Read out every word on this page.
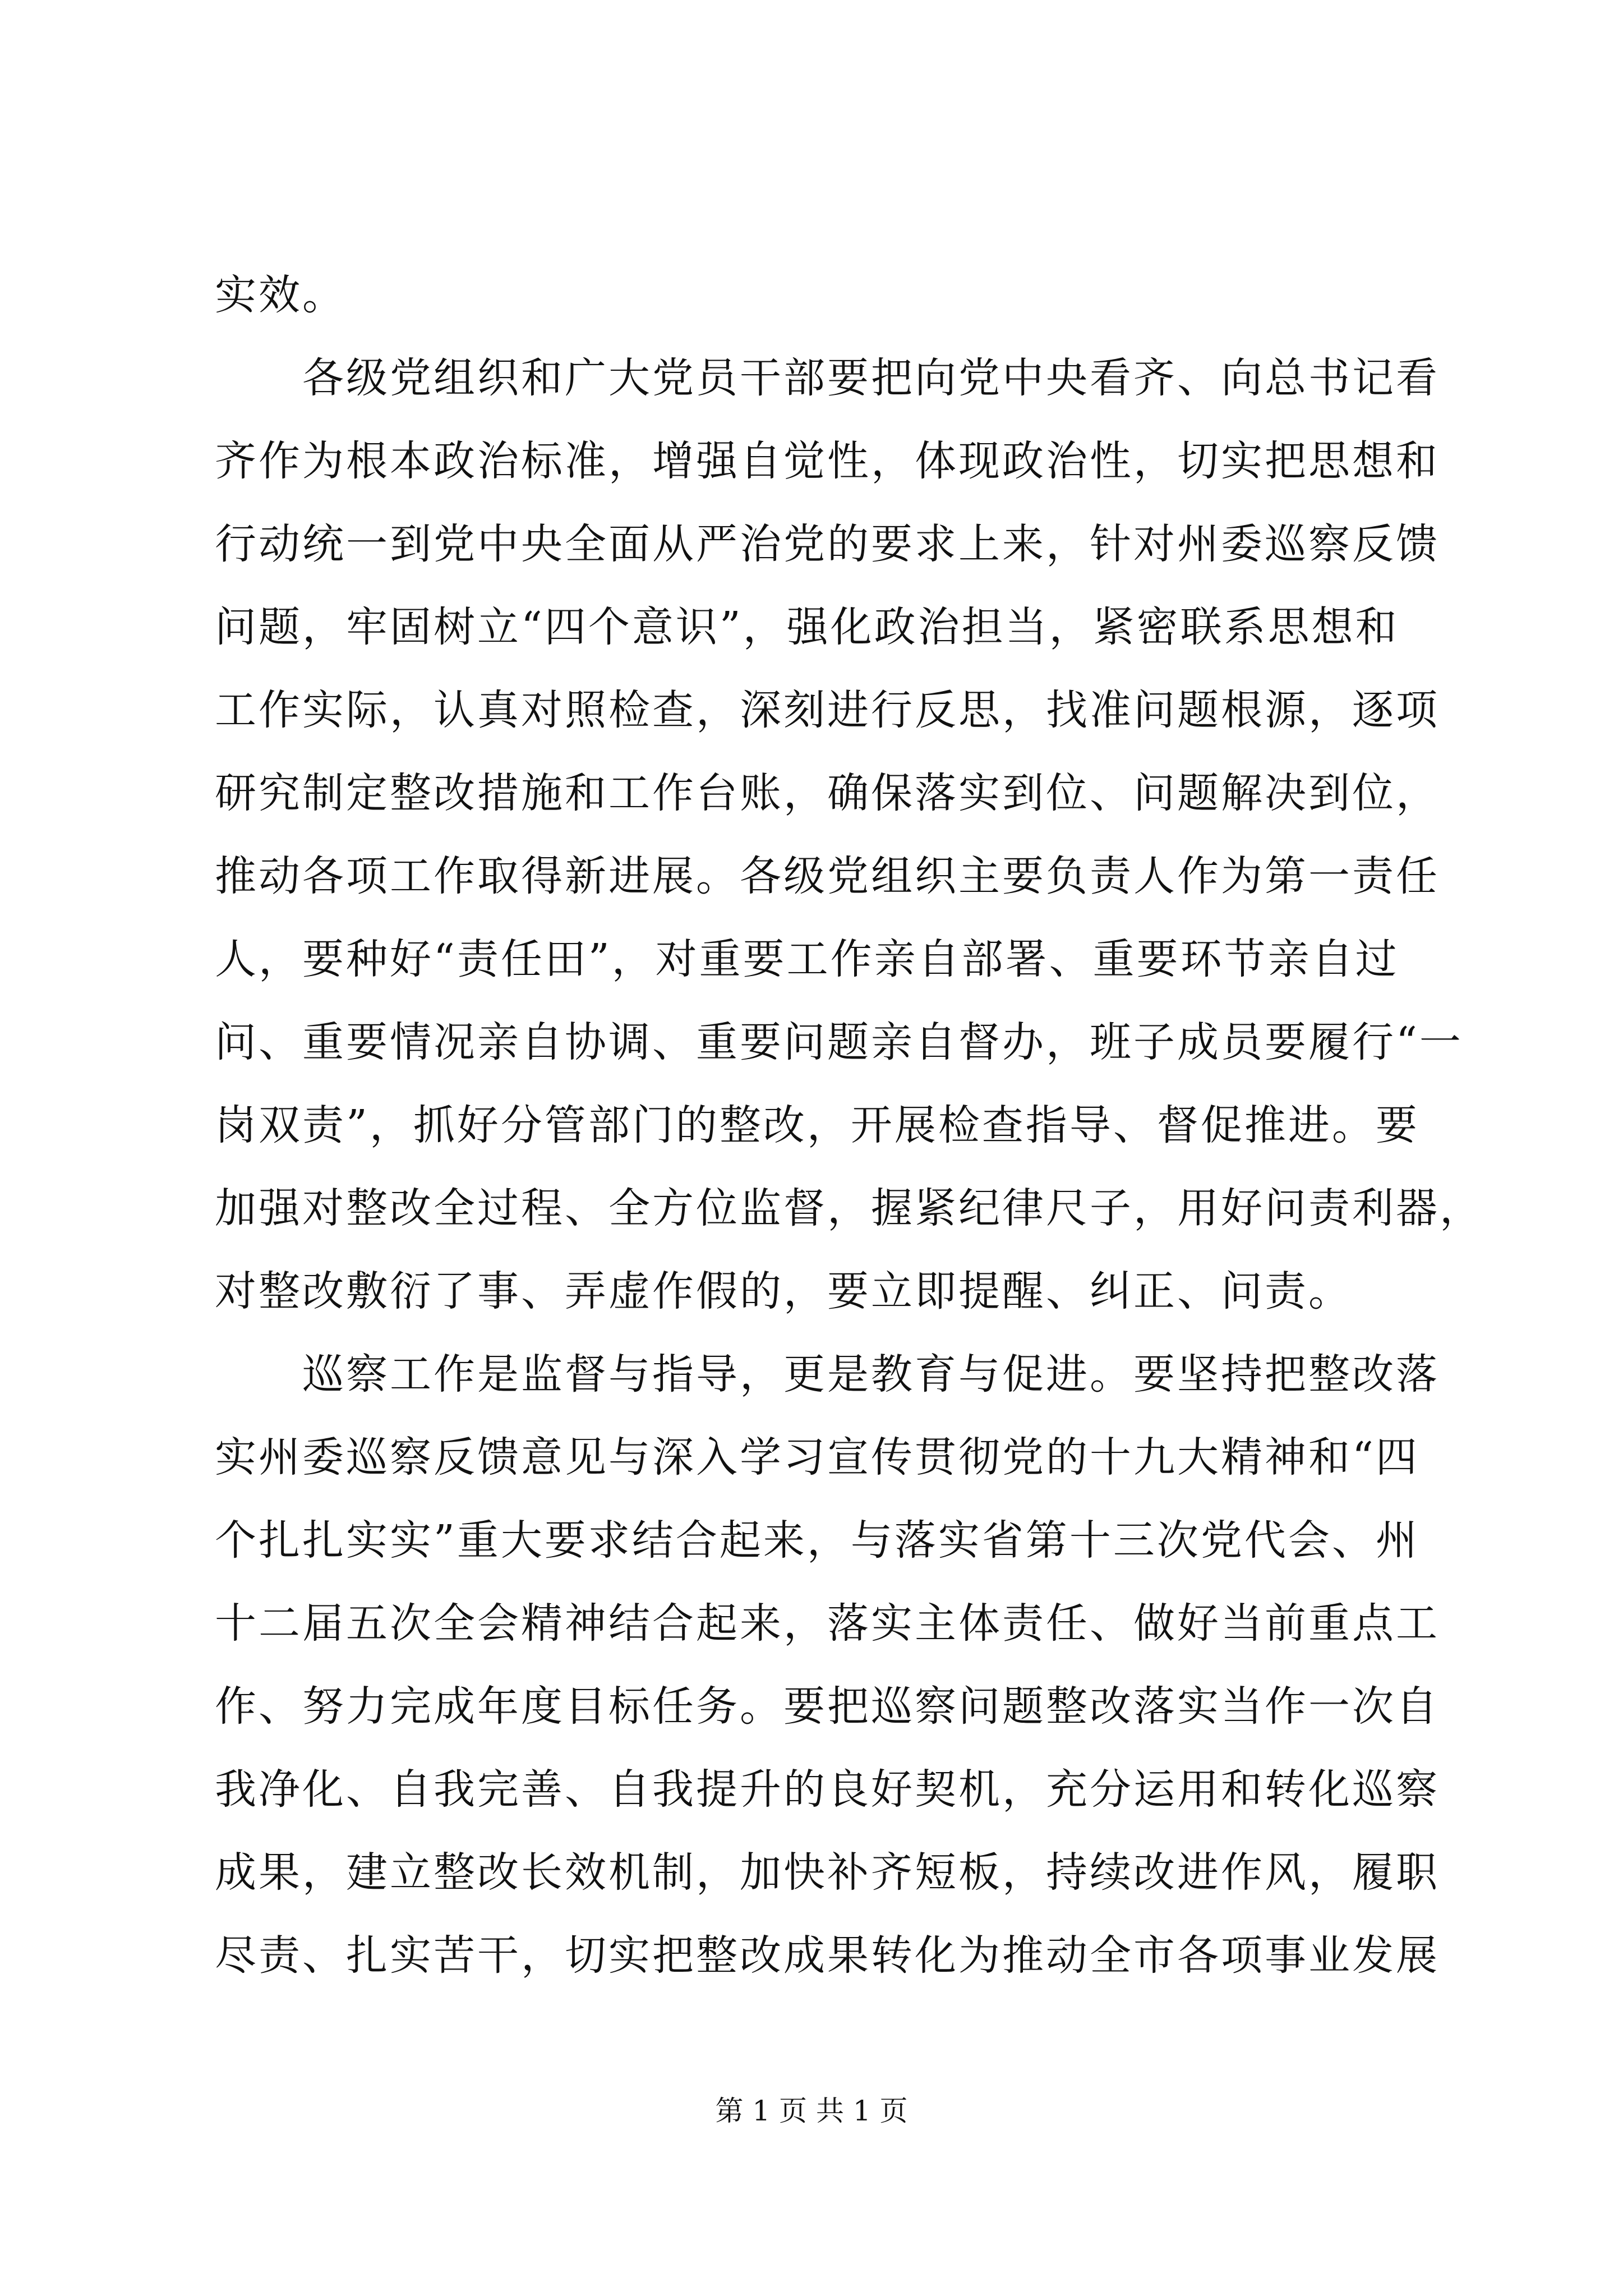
实效。
　　各级党组织和广大党员干部要把向党中央看齐、向总书记看
齐作为根本政治标准，增强自觉性，体现政治性，切实把思想和
行动统一到党中央全面从严治党的要求上来，针对州委巡察反馈
问题，牢固树立“四个意识”，强化政治担当，紧密联系思想和
工作实际，认真对照检查，深刻进行反思，找准问题根源，逐项
研究制定整改措施和工作台账，确保落实到位、问题解决到位，
推动各项工作取得新进展。各级党组织主要负责人作为第一责任
人，要种好“责任田”，对重要工作亲自部署、重要环节亲自过
问、重要情况亲自协调、重要问题亲自督办，班子成员要履行“一
岗双责”，抓好分管部门的整改，开展检查指导、督促推进。要
加强对整改全过程、全方位监督，握紧纪律尺子，用好问责利器，
对整改敷衍了事、弄虚作假的，要立即提醒、纠正、问责。
　　巡察工作是监督与指导，更是教育与促进。要坚持把整改落
实州委巡察反馈意见与深入学习宣传贯彻党的十九大精神和“四
个扎扎实实”重大要求结合起来，与落实省第十三次党代会、州
十二届五次全会精神结合起来，落实主体责任、做好当前重点工
作、努力完成年度目标任务。要把巡察问题整改落实当作一次自
我净化、自我完善、自我提升的良好契机，充分运用和转化巡察
成果，建立整改长效机制，加快补齐短板，持续改进作风，履职
尽责、扎实苦干，切实把整改成果转化为推动全市各项事业发展
第 1 页 共 1 页
